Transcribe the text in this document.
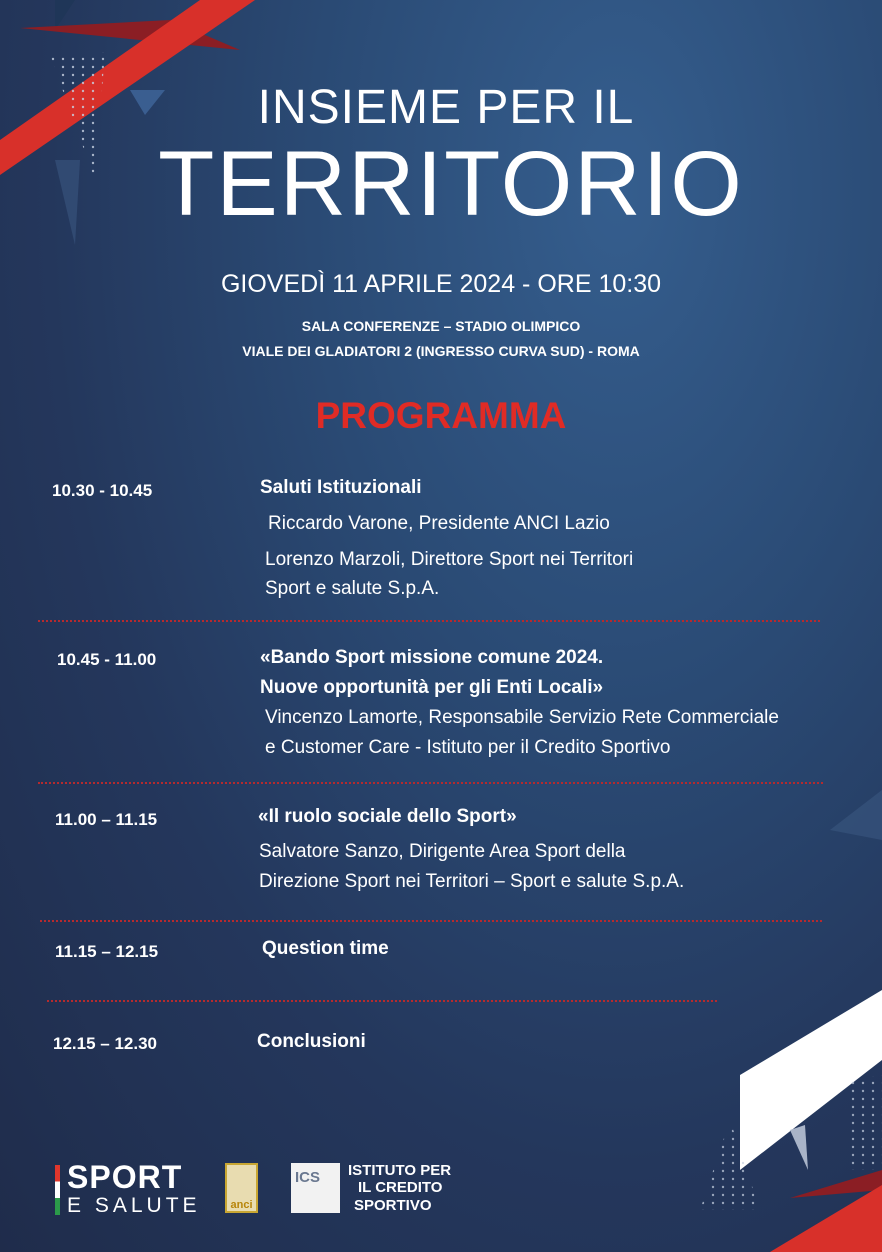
INSIEME PER IL
TERRITORIO
GIOVEDÌ 11 APRILE 2024 - ORE 10:30
SALA CONFERENZE – STADIO OLIMPICO
VIALE DEI GLADIATORI 2 (INGRESSO CURVA SUD) - ROMA
PROGRAMMA
10.30 - 10.45	Saluti Istituzionali
Riccardo Varone, Presidente ANCI Lazio
Lorenzo Marzoli, Direttore Sport nei Territori
Sport e salute S.p.A.
10.45 - 11.00	«Bando Sport missione comune 2024.
Nuove opportunità per gli Enti Locali»
Vincenzo Lamorte, Responsabile Servizio Rete Commerciale
e Customer Care - Istituto per il Credito Sportivo
11.00 – 11.15	«Il ruolo sociale dello Sport»
Salvatore Sanzo, Dirigente Area Sport della
Direzione Sport nei Territori – Sport e salute S.p.A.
11.15 – 12.15	Question time
12.15 – 12.30	Conclusioni
SPORT
E SALUTE	anci
ICS	ISTITUTO PER
IL CREDITO
SPORTIVO
